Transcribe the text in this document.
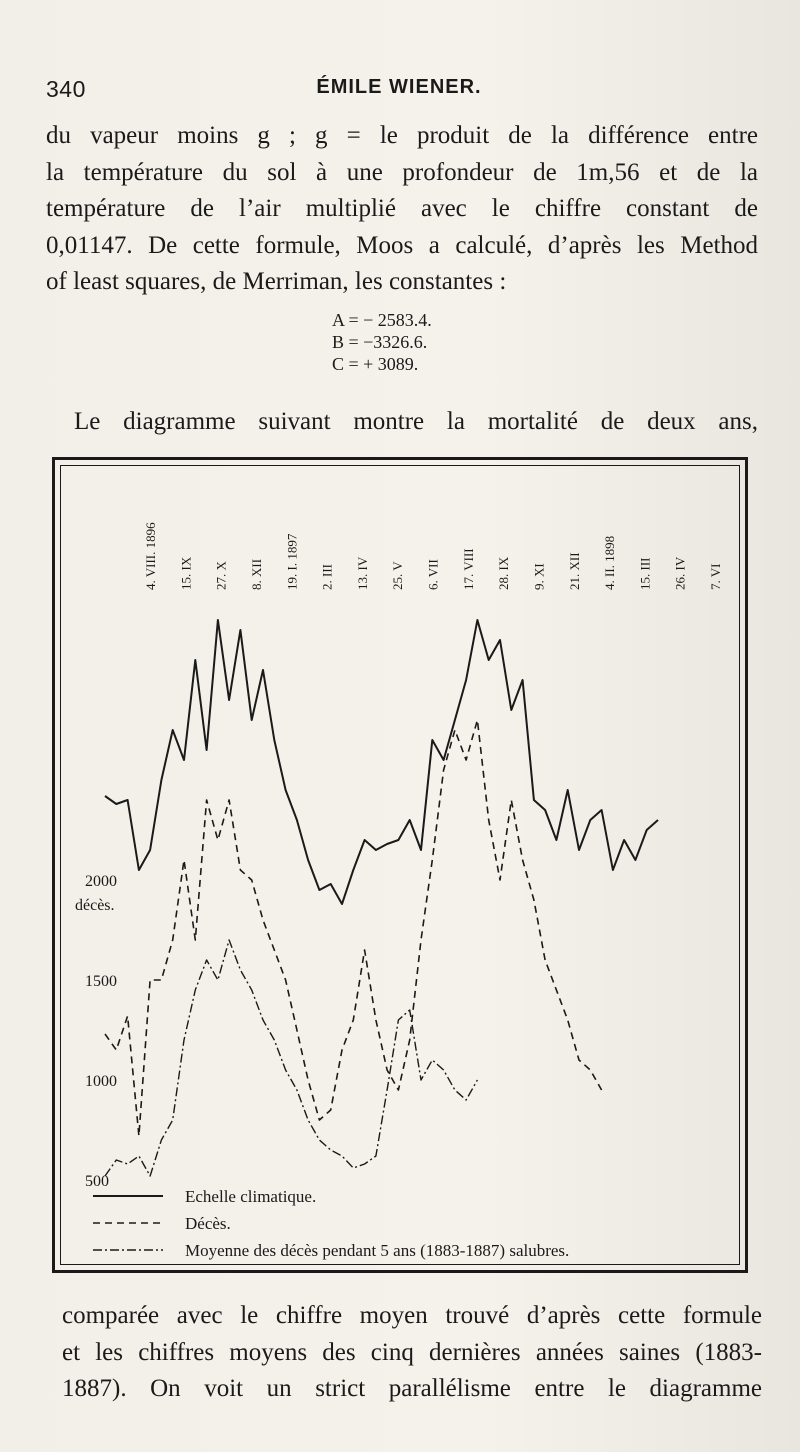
340	ÉMILE WIENER.
du vapeur moins g ; g = le produit de la différence entre
la température du sol à une profondeur de 1m,56 et de la
température de l’air multiplié avec le chiffre constant de
0,01147. De cette formule, Moos a calculé, d’après les Method
of least squares, de Merriman, les constantes :
A = − 2583.4.
B = −3326.6.
C = + 3089.
Le diagramme suivant montre la mortalité de deux ans,
4. VIII. 1896 15. IX 27. X 8. XII 19. I. 1897 2. III 13. IV 25. V 6. VII 17. VIII 28. IX 9. XI 21. XII 4. II. 1898 15. III 26. IV 7. VI
500
1000
1500
2000
décès.
Echelle climatique.
Décès.
Moyenne des décès pendant 5 ans (1883-1887) salubres.
comparée avec le chiffre moyen trouvé d’après cette formule
et les chiffres moyens des cinq dernières années saines (1883-
1887). On voit un strict parallélisme entre le diagramme
